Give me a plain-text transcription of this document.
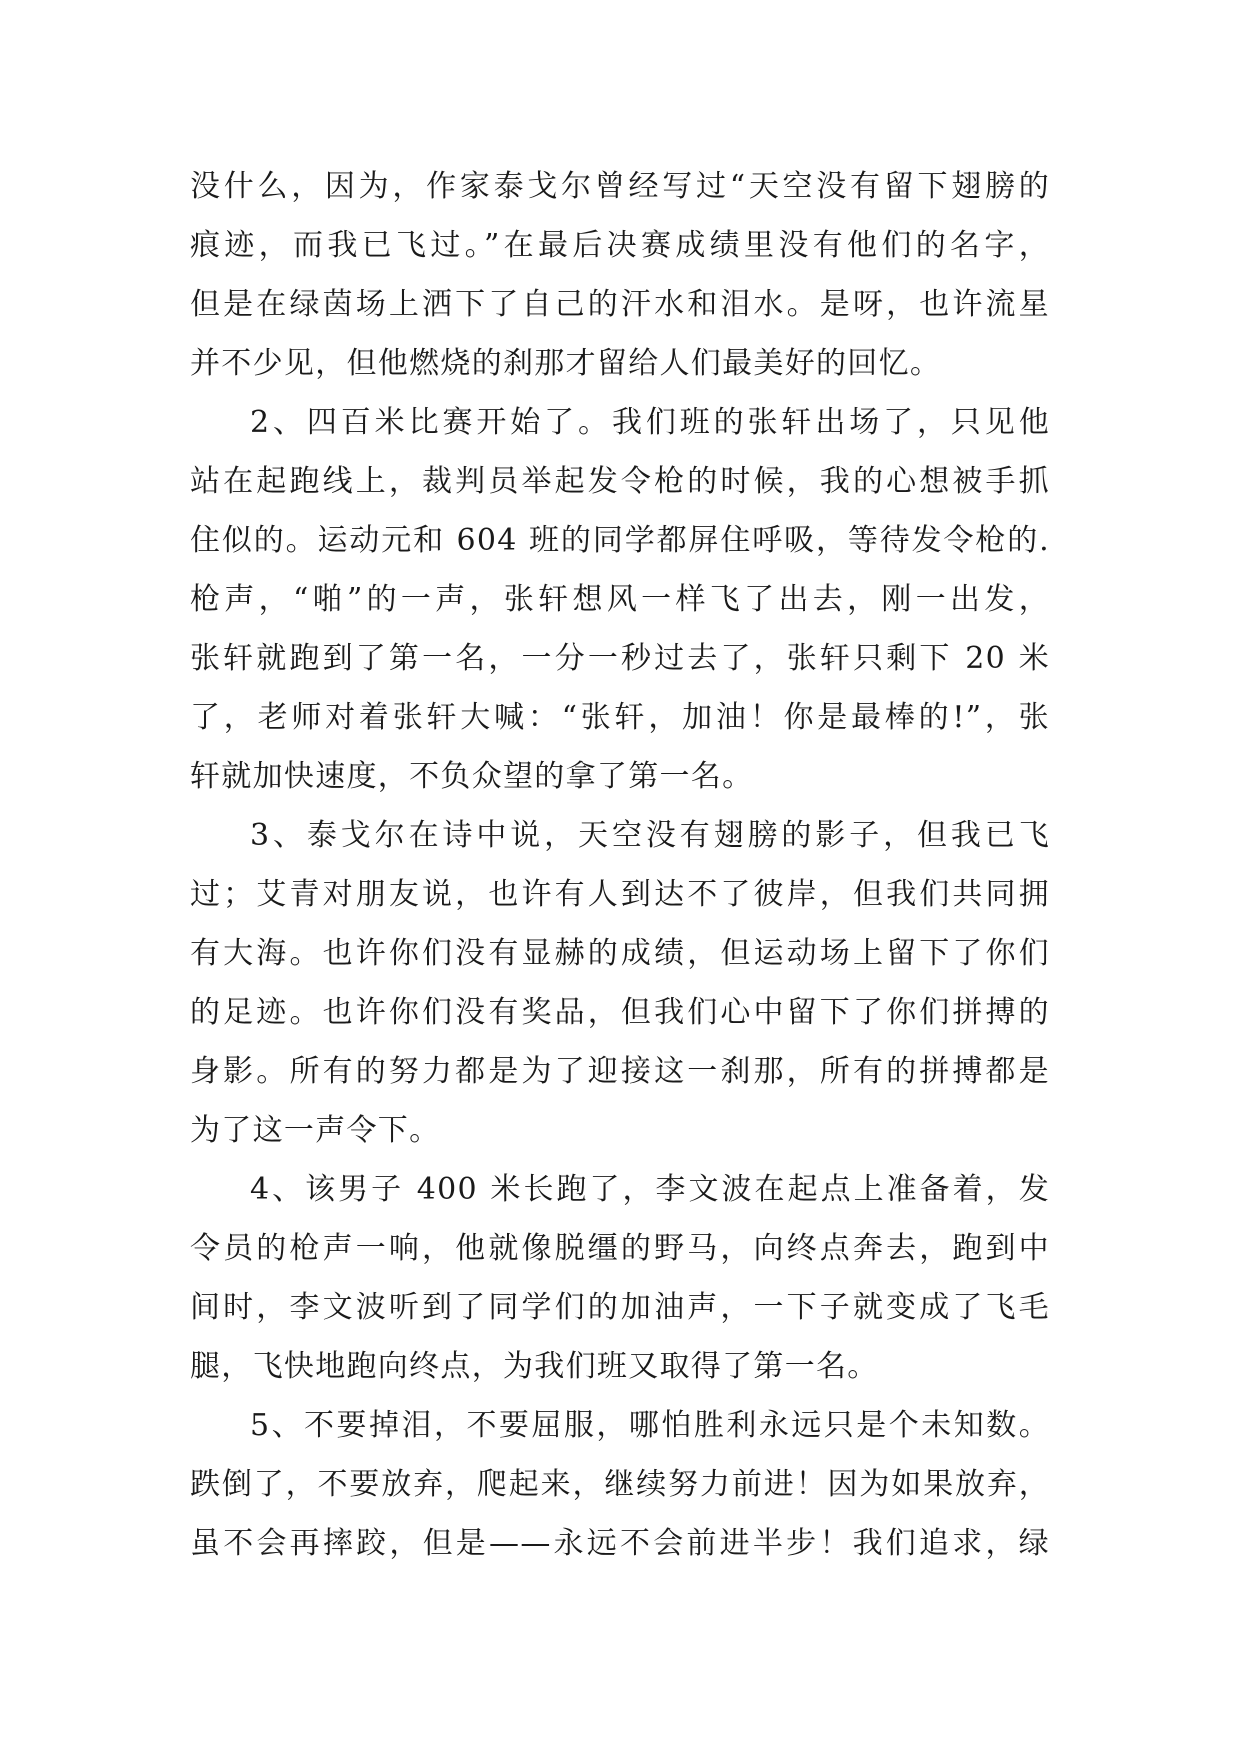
没什么，因为，作家泰戈尔曾经写过“天空没有留下翅膀的
痕迹，而我已飞过。”在最后决赛成绩里没有他们的名字，
但是在绿茵场上洒下了自己的汗水和泪水。是呀，也许流星
并不少见，但他燃烧的刹那才留给人们最美好的回忆。
2、四百米比赛开始了。我们班的张轩出场了，只见他
站在起跑线上，裁判员举起发令枪的时候，我的心想被手抓
住似的。运动元和 604 班的同学都屏住呼吸，等待发令枪的.
枪声，“啪”的一声，张轩想风一样飞了出去，刚一出发，
张轩就跑到了第一名，一分一秒过去了，张轩只剩下 20 米
了，老师对着张轩大喊：“张轩，加油！你是最棒的!”，张
轩就加快速度，不负众望的拿了第一名。
3、泰戈尔在诗中说，天空没有翅膀的影子，但我已飞
过；艾青对朋友说，也许有人到达不了彼岸，但我们共同拥
有大海。也许你们没有显赫的成绩，但运动场上留下了你们
的足迹。也许你们没有奖品，但我们心中留下了你们拼搏的
身影。所有的努力都是为了迎接这一刹那，所有的拼搏都是
为了这一声令下。
4、该男子 400 米长跑了，李文波在起点上准备着，发
令员的枪声一响，他就像脱缰的野马，向终点奔去，跑到中
间时，李文波听到了同学们的加油声，一下子就变成了飞毛
腿，飞快地跑向终点，为我们班又取得了第一名。
5、不要掉泪，不要屈服，哪怕胜利永远只是个未知数。
跌倒了，不要放弃，爬起来，继续努力前进！因为如果放弃，
虽不会再摔跤，但是——永远不会前进半步！我们追求，绿
